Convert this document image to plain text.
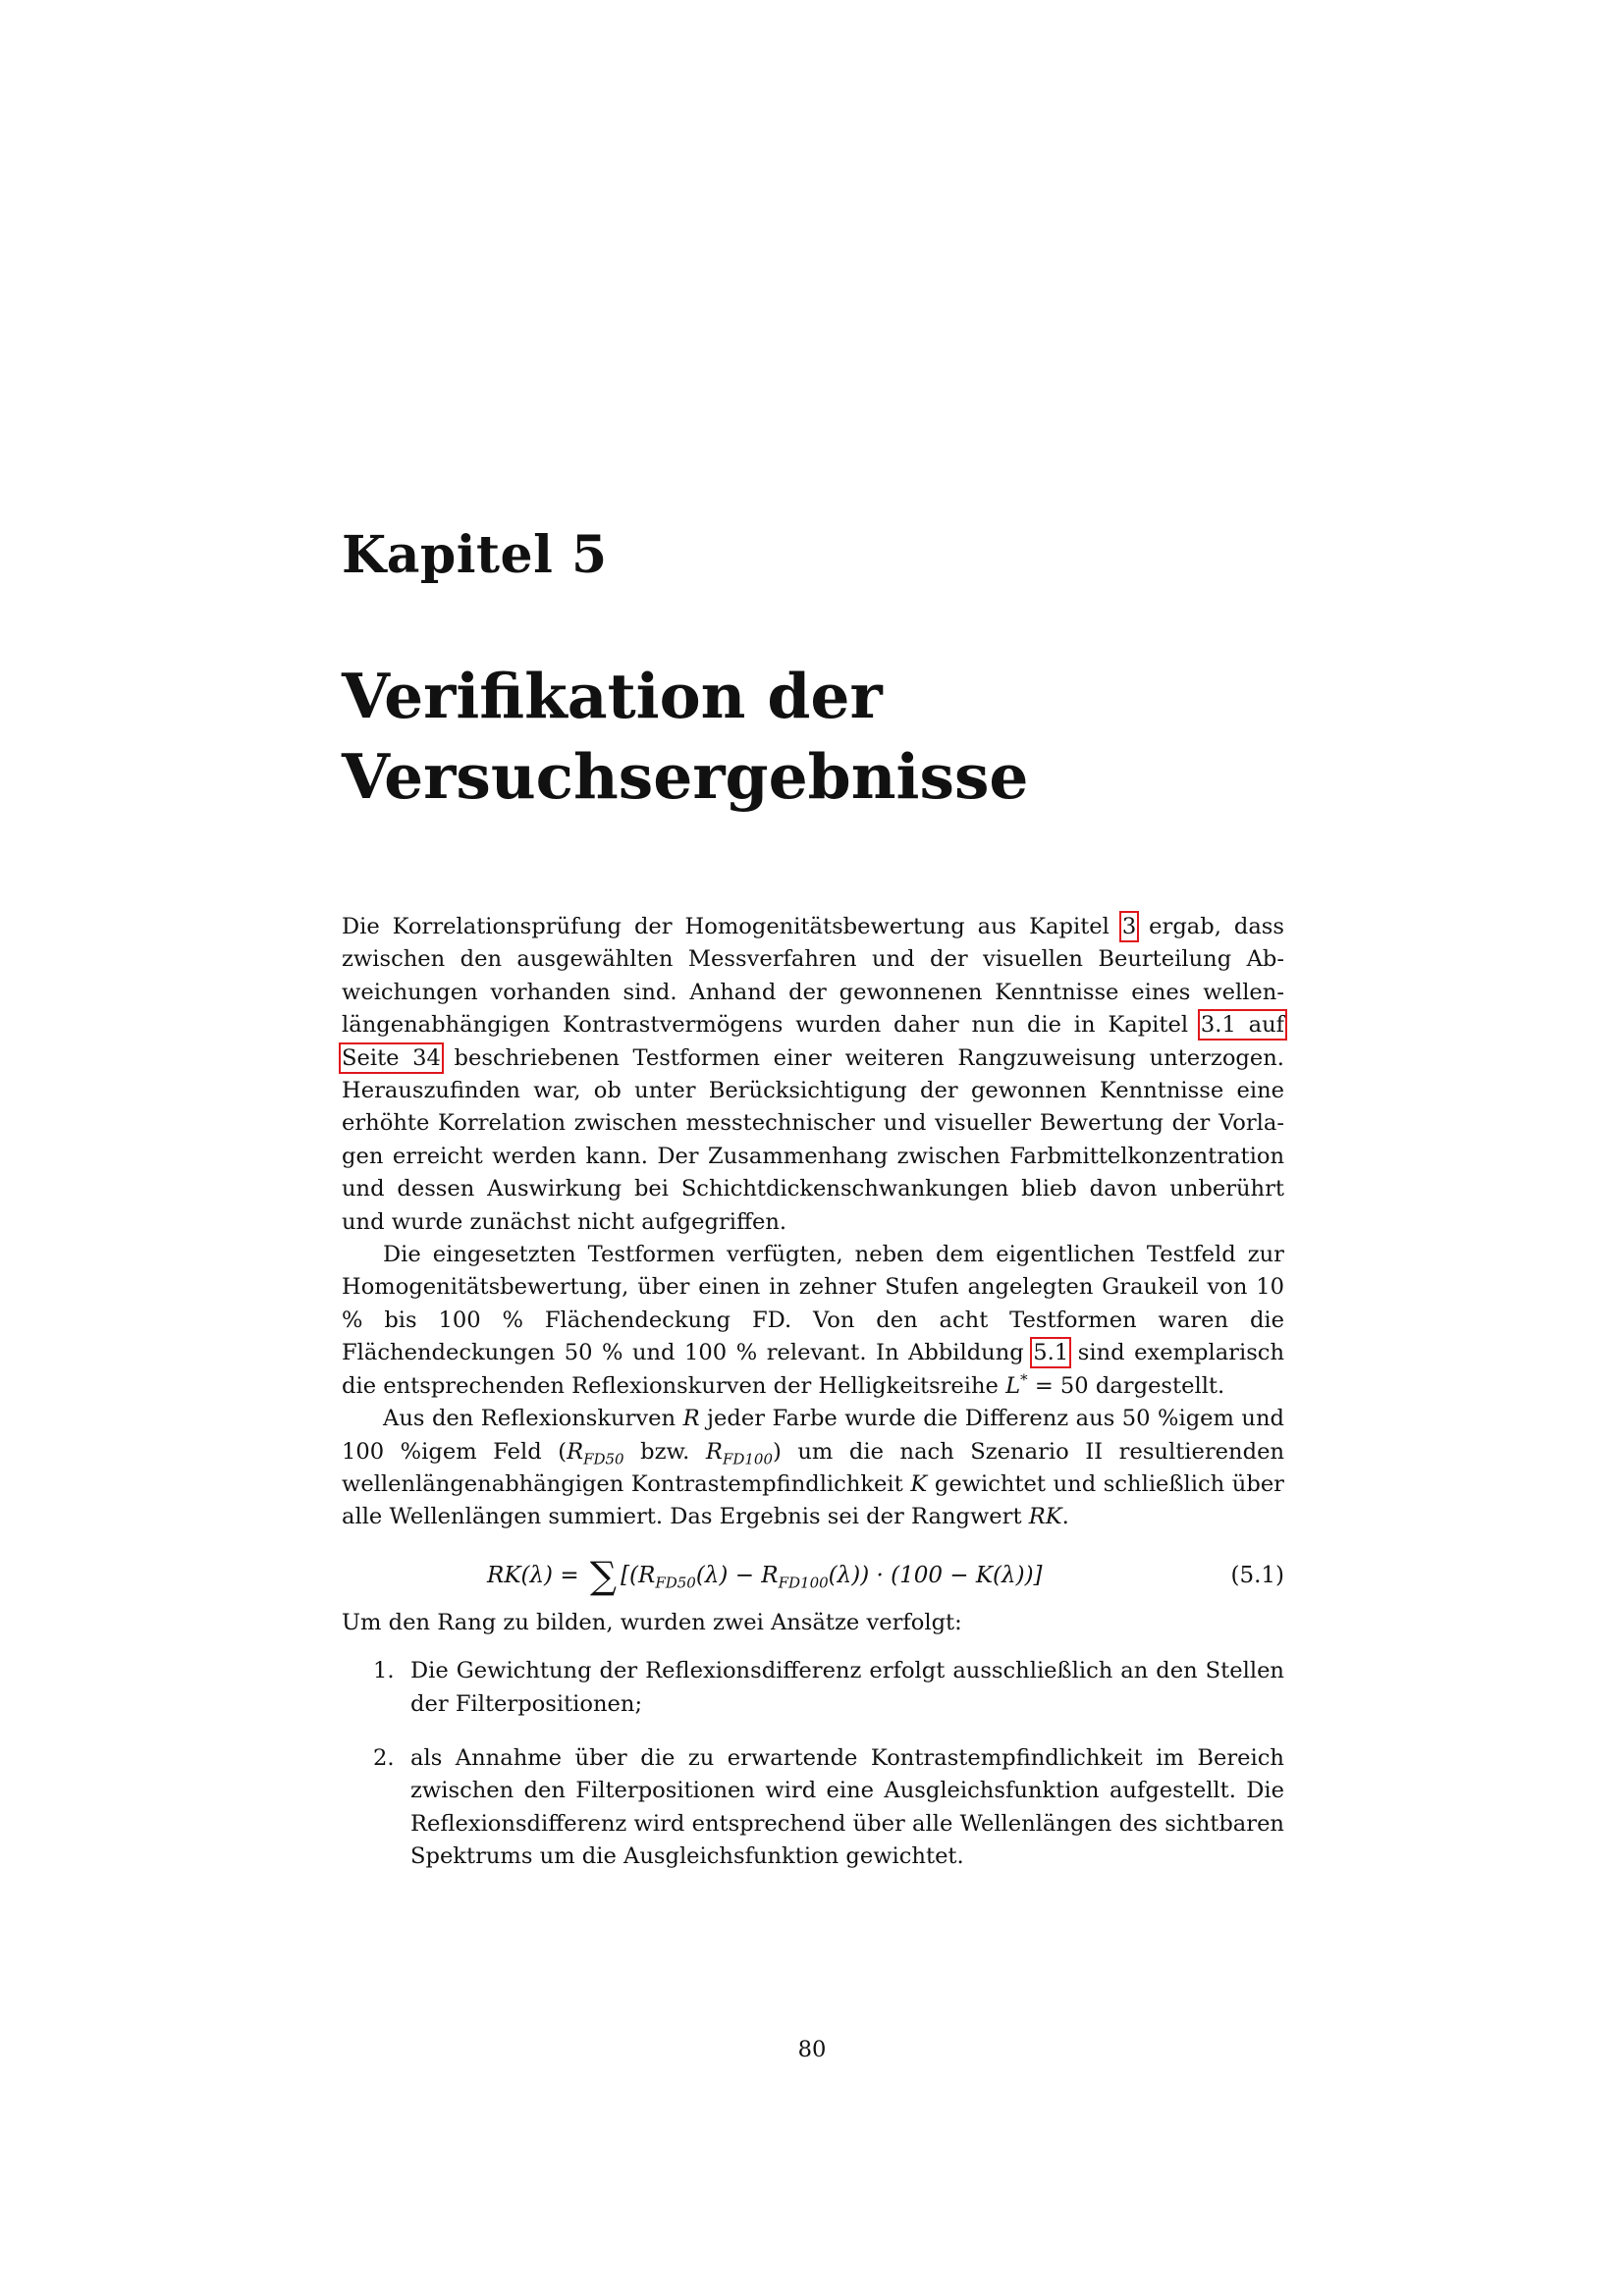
Kapitel 5
Verifikation der
Versuchsergebnisse

Die Korrelationsprüfung der Homogenitätsbewertung aus Kapitel 3 ergab, dass zwischen den ausgewählten Messverfahren und der visuellen Beurteilung Abweichungen vorhanden sind. Anhand der gewonnenen Kenntnisse eines wellenlängenabhängigen Kontrastvermögens wurden daher nun die in Kapitel 3.1 auf Seite 34 beschriebenen Testformen einer weiteren Rangzuweisung unterzogen. Herauszufinden war, ob unter Berücksichtigung der gewonnen Kenntnisse eine erhöhte Korrelation zwischen messtechnischer und visueller Bewertung der Vorlagen erreicht werden kann. Der Zusammenhang zwischen Farbmittelkonzentration und dessen Auswirkung bei Schichtdickenschwankungen blieb davon unberührt und wurde zunächst nicht aufgegriffen.

Die eingesetzten Testformen verfügten, neben dem eigentlichen Testfeld zur Homogenitätsbewertung, über einen in zehner Stufen angelegten Graukeil von 10 % bis 100 % Flächendeckung FD. Von den acht Testformen waren die Flächendeckungen 50 % und 100 % relevant. In Abbildung 5.1 sind exemplarisch die entsprechenden Reflexionskurven der Helligkeitsreihe L* = 50 dargestellt.

Aus den Reflexionskurven R jeder Farbe wurde die Differenz aus 50 %igem und 100 %igem Feld ($R_{FD50}$ bzw. $R_{FD100}$) um die nach Szenario II resultierenden wellenlängenabhängigen Kontrastempfindlichkeit K gewichtet und schließlich über alle Wellenlängen summiert. Das Ergebnis sei der Rangwert RK.

RK(λ) = ∑ $[(R_{FD50}(\lambda) - R_{FD100}(\lambda)) \cdot (100 - K(\lambda))]$	(5.1)

Um den Rang zu bilden, wurden zwei Ansätze verfolgt:

1. Die Gewichtung der Reflexionsdifferenz erfolgt ausschließlich an den Stellen der Filterpositionen;
2. als Annahme über die zu erwartende Kontrastempfindlichkeit im Bereich zwischen den Filterpositionen wird eine Ausgleichsfunktion aufgestellt. Die Reflexionsdifferenz wird entsprechend über alle Wellenlängen des sichtbaren Spektrums um die Ausgleichsfunktion gewichtet.
80
